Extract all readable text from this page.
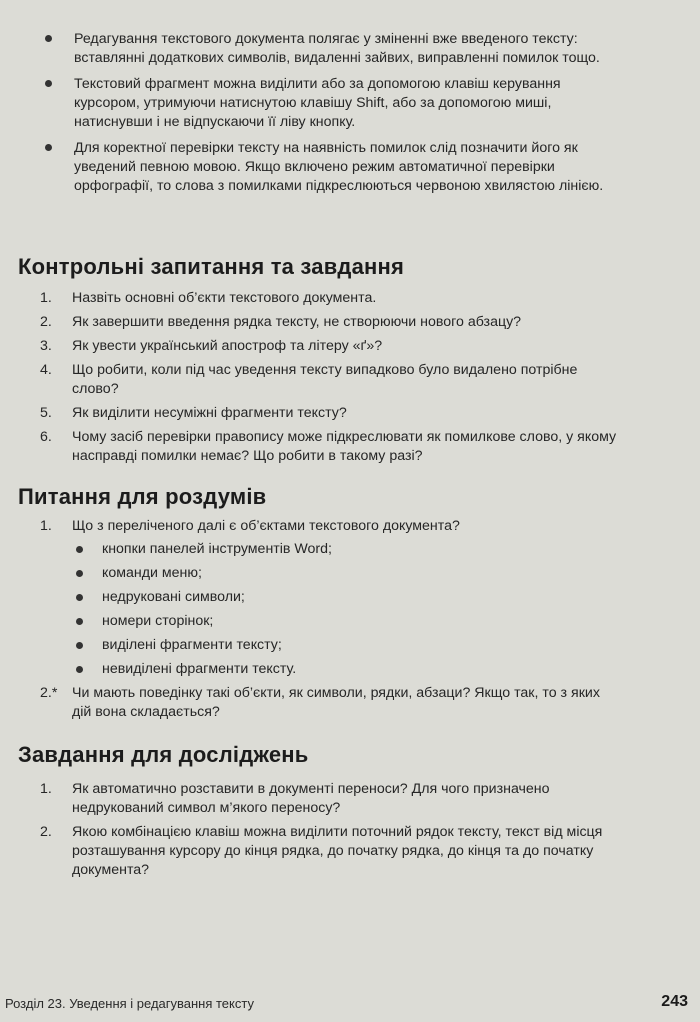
Редагування текстового документа полягає у зміненні вже введеного тексту: вставлянні додаткових символів, видаленні зайвих, виправленні помилок тощо.
Текстовий фрагмент можна виділити або за допомогою клавіш керування курсором, утримуючи натиснутою клавішу Shift, або за допомогою миші, натиснувши і не відпускаючи її ліву кнопку.
Для коректної перевірки тексту на наявність помилок слід позначити його як уведений певною мовою. Якщо включено режим автоматичної перевірки орфографії, то слова з помилками підкреслюються червоною хвилястою лінією.
Контрольні запитання та завдання
1. Назвіть основні об’єкти текстового документа.
2. Як завершити введення рядка тексту, не створюючи нового абзацу?
3. Як увести український апостроф та літеру «ґ»?
4. Що робити, коли під час уведення тексту випадково було видалено потрібне слово?
5. Як виділити несуміжні фрагменти тексту?
6. Чому засіб перевірки правопису може підкреслювати як помилкове слово, у якому насправді помилки немає? Що робити в такому разі?
Питання для роздумів
1. Що з переліченого далі є об’єктами текстового документа?
кнопки панелей інструментів Word;
команди меню;
недруковані символи;
номери сторінок;
виділені фрагменти тексту;
невиділені фрагменти тексту.
2.* Чи мають поведінку такі об’єкти, як символи, рядки, абзаци? Якщо так, то з яких дій вона складається?
Завдання для досліджень
1. Як автоматично розставити в документі переноси? Для чого призначено недрукований символ м’якого переносу?
2. Якою комбінацією клавіш можна виділити поточний рядок тексту, текст від місця розташування курсору до кінця рядка, до початку рядка, до кінця та до початку документа?
Розділ 23. Уведення і редагування тексту	243
